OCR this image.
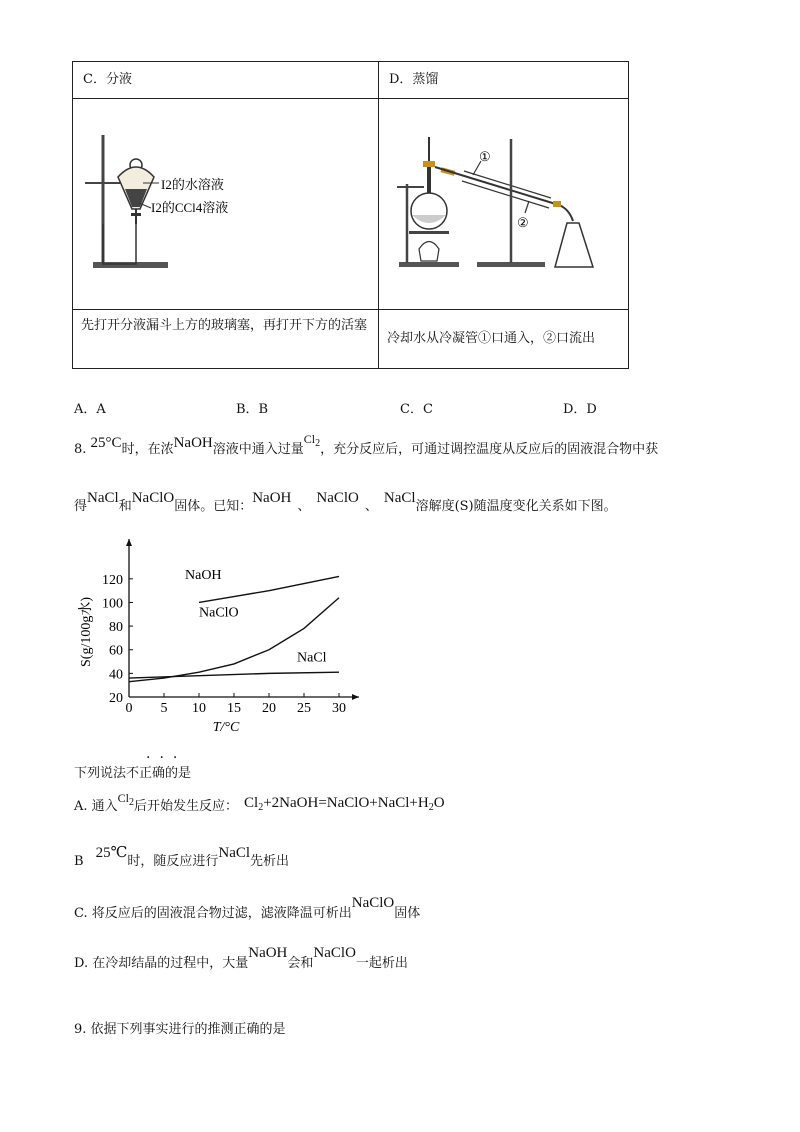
C．分液	D．蒸馏

I2的水溶液
I2的CCl4溶液	①
②

先打开分液漏斗上方的玻璃塞，再打开下方的活塞	冷却水从冷凝管①口通入，②口流出
A．A	B．B	C．C	D．D
8. 25°C时，在浓NaOH溶液中通入过量$Cl_2$，充分反应后，可通过调控温度从反应后的固液混合物中获
得NaCl和NaClO固体。已知：NaOH、NaClO、NaCl溶解度(S)随温度变化关系如下图。
0 5 10 15 20 25 30
20
40
60
80
100
120
T/°C
S(g/100g水)
NaOH
NaClO
NaCl
下列说法不正确的是
···
A. 通入$Cl_2$后开始发生反应： $Cl_2+2NaOH=NaClO+NaCl+H_2O$
B25℃时，随反应进行NaCl先析出
C. 将反应后的固液混合物过滤，滤液降温可析出NaClO固体
D. 在冷却结晶的过程中，大量NaOH会和NaClO一起析出
9. 依据下列事实进行的推测正确的是
